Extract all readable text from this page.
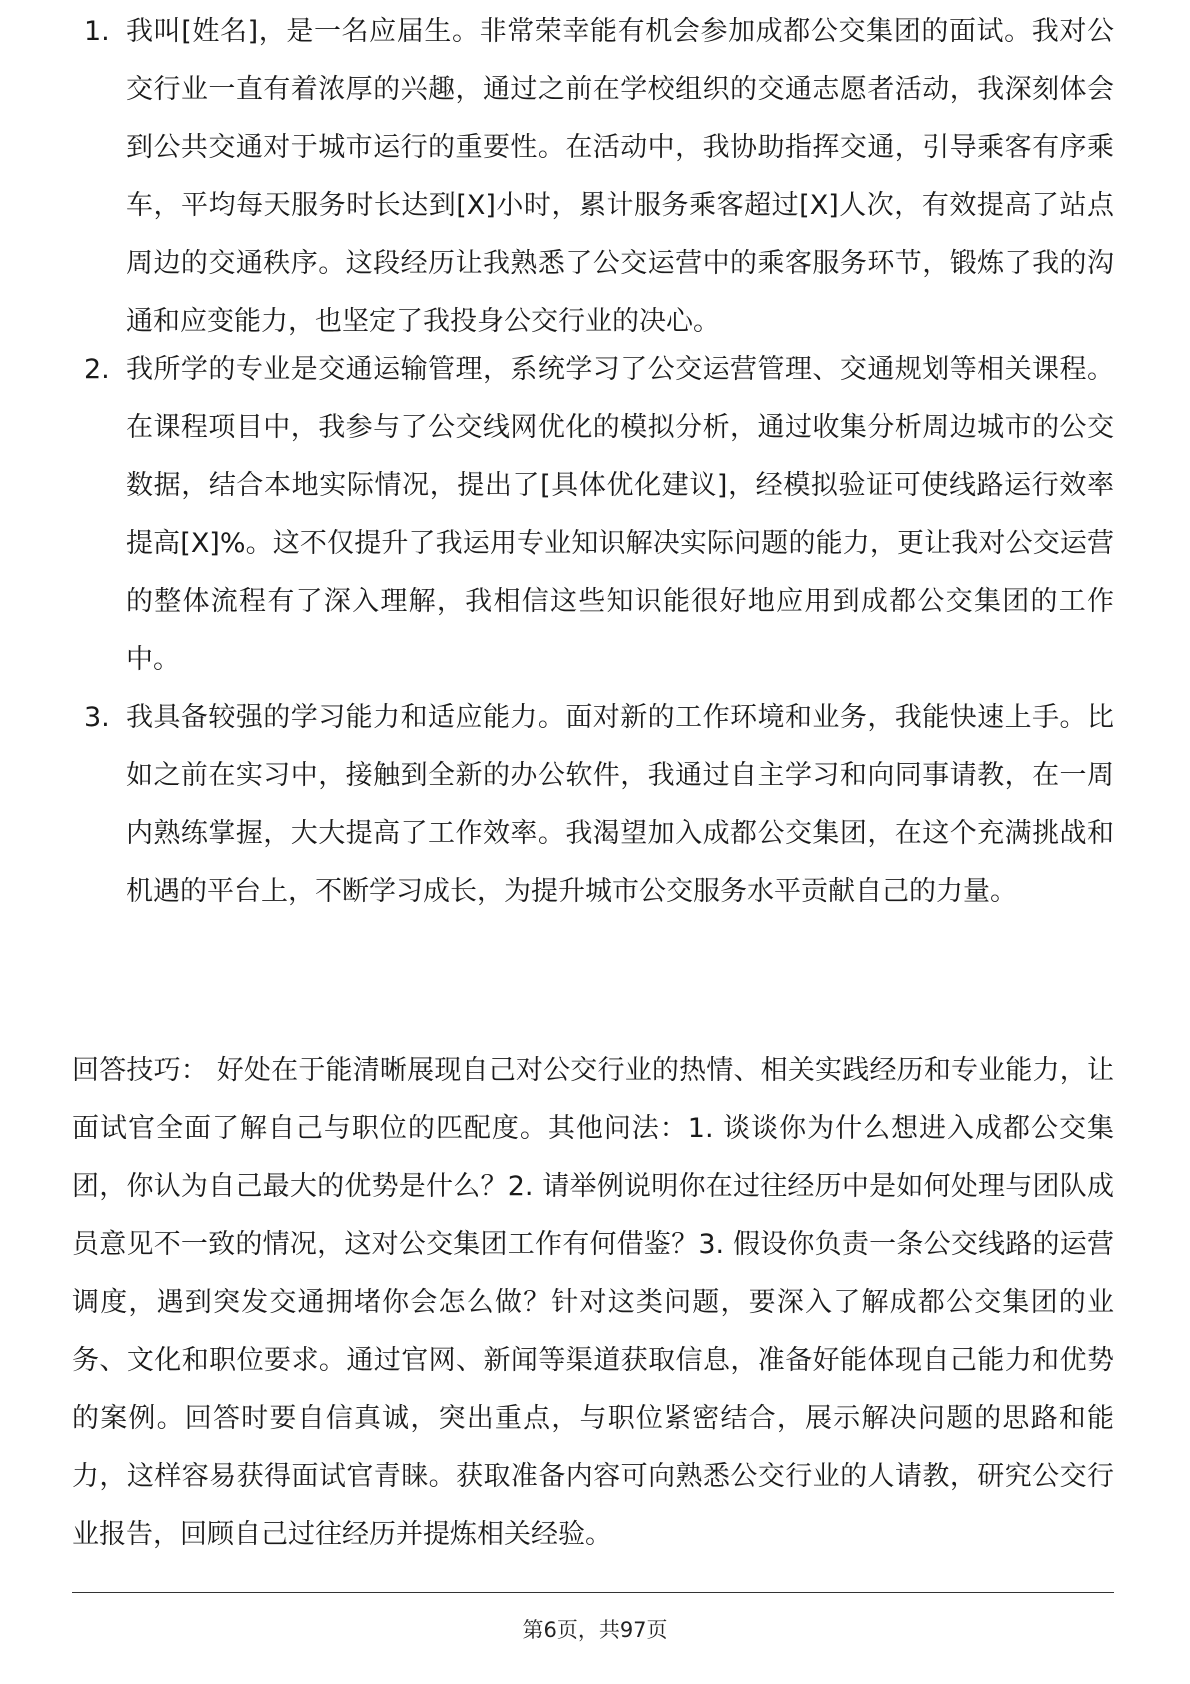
1. 我叫[姓名]，是一名应届生。非常荣幸能有机会参加成都公交集团的面试。我对公交行业一直有着浓厚的兴趣，通过之前在学校组织的交通志愿者活动，我深刻体会到公共交通对于城市运行的重要性。在活动中，我协助指挥交通，引导乘客有序乘车，平均每天服务时长达到[X]小时，累计服务乘客超过[X]人次，有效提高了站点周边的交通秩序。这段经历让我熟悉了公交运营中的乘客服务环节，锻炼了我的沟通和应变能力，也坚定了我投身公交行业的决心。
2. 我所学的专业是交通运输管理，系统学习了公交运营管理、交通规划等相关课程。在课程项目中，我参与了公交线网优化的模拟分析，通过收集分析周边城市的公交数据，结合本地实际情况，提出了[具体优化建议]，经模拟验证可使线路运行效率提高[X]%。这不仅提升了我运用专业知识解决实际问题的能力，更让我对公交运营的整体流程有了深入理解，我相信这些知识能很好地应用到成都公交集团的工作中。
3. 我具备较强的学习能力和适应能力。面对新的工作环境和业务，我能快速上手。比如之前在实习中，接触到全新的办公软件，我通过自主学习和向同事请教，在一周内熟练掌握，大大提高了工作效率。我渴望加入成都公交集团，在这个充满挑战和机遇的平台上，不断学习成长，为提升城市公交服务水平贡献自己的力量。

回答技巧： 好处在于能清晰展现自己对公交行业的热情、相关实践经历和专业能力，让面试官全面了解自己与职位的匹配度。其他问法：1. 谈谈你为什么想进入成都公交集团，你认为自己最大的优势是什么？2. 请举例说明你在过往经历中是如何处理与团队成员意见不一致的情况，这对公交集团工作有何借鉴？3. 假设你负责一条公交线路的运营调度，遇到突发交通拥堵你会怎么做？针对这类问题，要深入了解成都公交集团的业务、文化和职位要求。通过官网、新闻等渠道获取信息，准备好能体现自己能力和优势的案例。回答时要自信真诚，突出重点，与职位紧密结合，展示解决问题的思路和能力，这样容易获得面试官青睐。获取准备内容可向熟悉公交行业的人请教，研究公交行业报告，回顾自己过往经历并提炼相关经验。

第6页，共97页
